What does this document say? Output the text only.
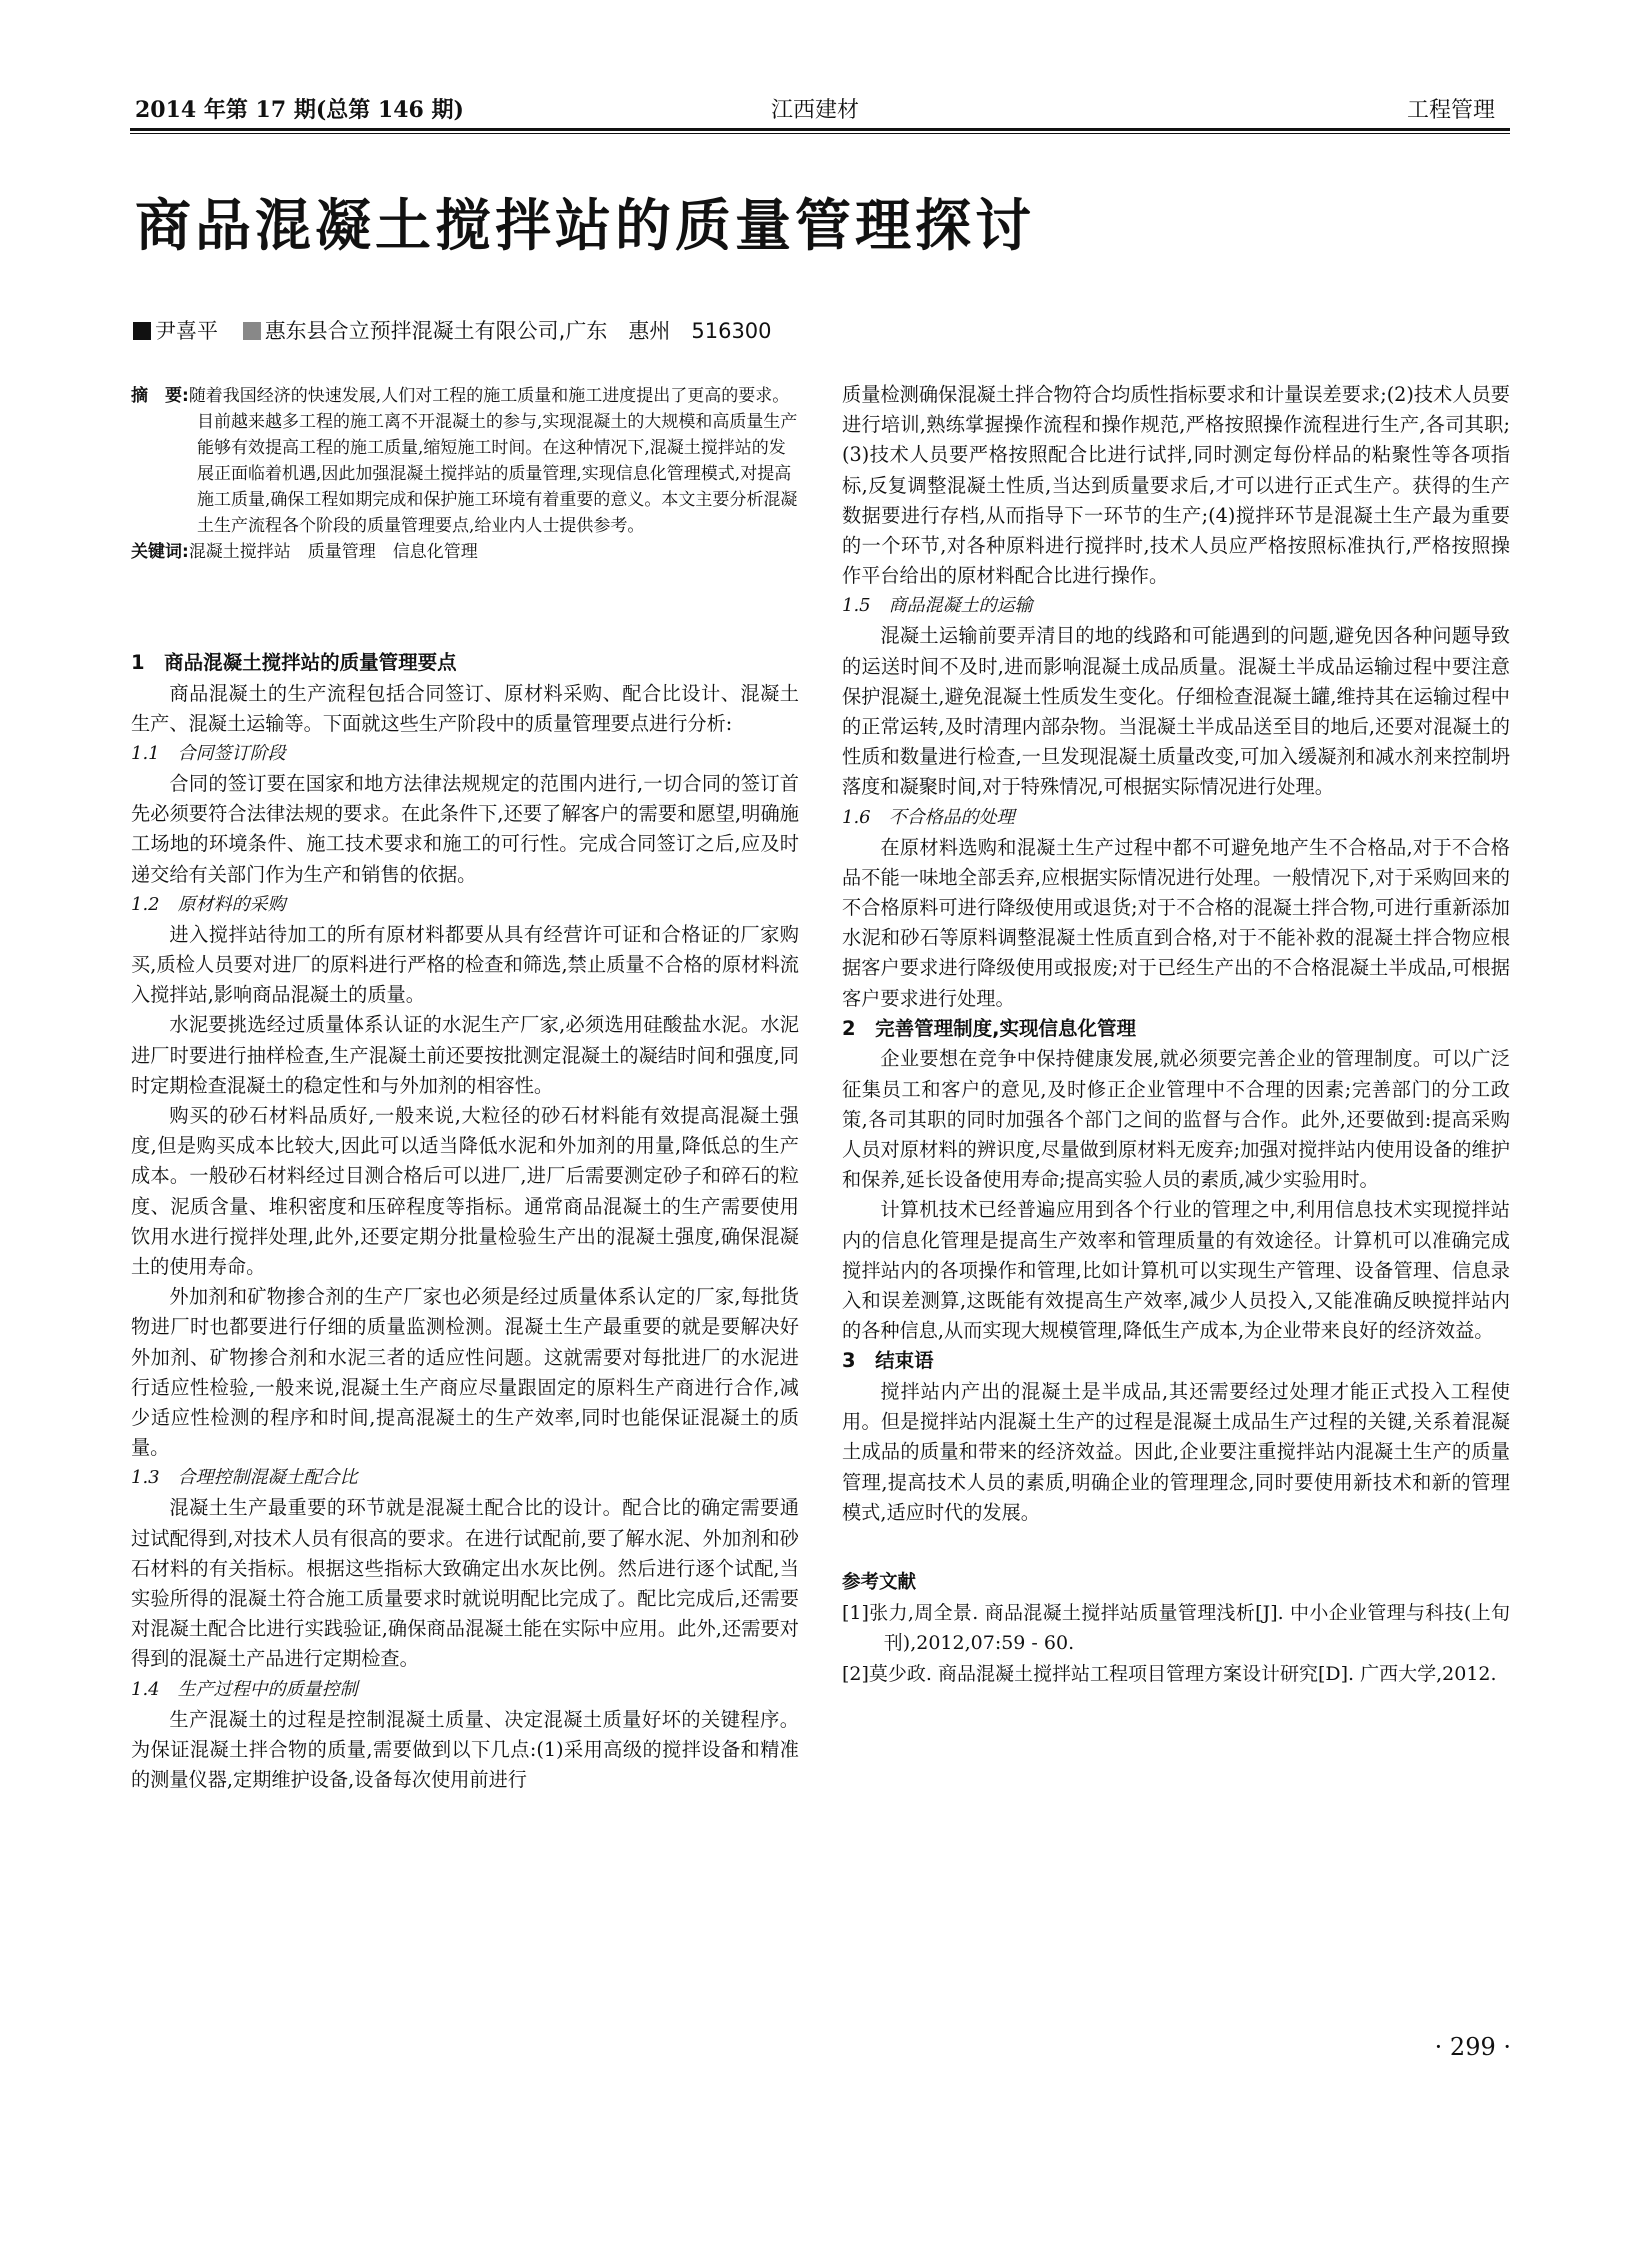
2014 年第 17 期(总第 146 期)	江西建材	工程管理
商品混凝土搅拌站的质量管理探讨
尹喜平 惠东县合立预拌混凝土有限公司,广东　惠州　516300

摘　要:随着我国经济的快速发展,人们对工程的施工质量和施工进度提出了更高的要求。目前越来越多工程的施工离不开混凝土的参与,实现混凝土的大规模和高质量生产能够有效提高工程的施工质量,缩短施工时间。在这种情况下,混凝土搅拌站的发展正面临着机遇,因此加强混凝土搅拌站的质量管理,实现信息化管理模式,对提高施工质量,确保工程如期完成和保护施工环境有着重要的意义。本文主要分析混凝土生产流程各个阶段的质量管理要点,给业内人士提供参考。

关键词:混凝土搅拌站　质量管理　信息化管理

1　商品混凝土搅拌站的质量管理要点

商品混凝土的生产流程包括合同签订、原材料采购、配合比设计、混凝土生产、混凝土运输等。下面就这些生产阶段中的质量管理要点进行分析:

1.1　合同签订阶段

合同的签订要在国家和地方法律法规规定的范围内进行,一切合同的签订首先必须要符合法律法规的要求。在此条件下,还要了解客户的需要和愿望,明确施工场地的环境条件、施工技术要求和施工的可行性。完成合同签订之后,应及时递交给有关部门作为生产和销售的依据。

1.2　原材料的采购

进入搅拌站待加工的所有原材料都要从具有经营许可证和合格证的厂家购买,质检人员要对进厂的原料进行严格的检查和筛选,禁止质量不合格的原材料流入搅拌站,影响商品混凝土的质量。

水泥要挑选经过质量体系认证的水泥生产厂家,必须选用硅酸盐水泥。水泥进厂时要进行抽样检查,生产混凝土前还要按批测定混凝土的凝结时间和强度,同时定期检查混凝土的稳定性和与外加剂的相容性。

购买的砂石材料品质好,一般来说,大粒径的砂石材料能有效提高混凝土强度,但是购买成本比较大,因此可以适当降低水泥和外加剂的用量,降低总的生产成本。一般砂石材料经过目测合格后可以进厂,进厂后需要测定砂子和碎石的粒度、泥质含量、堆积密度和压碎程度等指标。通常商品混凝土的生产需要使用饮用水进行搅拌处理,此外,还要定期分批量检验生产出的混凝土强度,确保混凝土的使用寿命。

外加剂和矿物掺合剂的生产厂家也必须是经过质量体系认定的厂家,每批货物进厂时也都要进行仔细的质量监测检测。混凝土生产最重要的就是要解决好外加剂、矿物掺合剂和水泥三者的适应性问题。这就需要对每批进厂的水泥进行适应性检验,一般来说,混凝土生产商应尽量跟固定的原料生产商进行合作,减少适应性检测的程序和时间,提高混凝土的生产效率,同时也能保证混凝土的质量。

1.3　合理控制混凝土配合比

混凝土生产最重要的环节就是混凝土配合比的设计。配合比的确定需要通过试配得到,对技术人员有很高的要求。在进行试配前,要了解水泥、外加剂和砂石材料的有关指标。根据这些指标大致确定出水灰比例。然后进行逐个试配,当实验所得的混凝土符合施工质量要求时就说明配比完成了。配比完成后,还需要对混凝土配合比进行实践验证,确保商品混凝土能在实际中应用。此外,还需要对得到的混凝土产品进行定期检查。

1.4　生产过程中的质量控制

生产混凝土的过程是控制混凝土质量、决定混凝土质量好坏的关键程序。为保证混凝土拌合物的质量,需要做到以下几点:(1)采用高级的搅拌设备和精准的测量仪器,定期维护设备,设备每次使用前进行

质量检测确保混凝土拌合物符合均质性指标要求和计量误差要求;(2)技术人员要进行培训,熟练掌握操作流程和操作规范,严格按照操作流程进行生产,各司其职;(3)技术人员要严格按照配合比进行试拌,同时测定每份样品的粘聚性等各项指标,反复调整混凝土性质,当达到质量要求后,才可以进行正式生产。获得的生产数据要进行存档,从而指导下一环节的生产;(4)搅拌环节是混凝土生产最为重要的一个环节,对各种原料进行搅拌时,技术人员应严格按照标准执行,严格按照操作平台给出的原材料配合比进行操作。

1.5　商品混凝土的运输

混凝土运输前要弄清目的地的线路和可能遇到的问题,避免因各种问题导致的运送时间不及时,进而影响混凝土成品质量。混凝土半成品运输过程中要注意保护混凝土,避免混凝土性质发生变化。仔细检查混凝土罐,维持其在运输过程中的正常运转,及时清理内部杂物。当混凝土半成品送至目的地后,还要对混凝土的性质和数量进行检查,一旦发现混凝土质量改变,可加入缓凝剂和减水剂来控制坍落度和凝聚时间,对于特殊情况,可根据实际情况进行处理。

1.6　不合格品的处理

在原材料选购和混凝土生产过程中都不可避免地产生不合格品,对于不合格品不能一味地全部丢弃,应根据实际情况进行处理。一般情况下,对于采购回来的不合格原料可进行降级使用或退货;对于不合格的混凝土拌合物,可进行重新添加水泥和砂石等原料调整混凝土性质直到合格,对于不能补救的混凝土拌合物应根据客户要求进行降级使用或报废;对于已经生产出的不合格混凝土半成品,可根据客户要求进行处理。

2　完善管理制度,实现信息化管理

企业要想在竞争中保持健康发展,就必须要完善企业的管理制度。可以广泛征集员工和客户的意见,及时修正企业管理中不合理的因素;完善部门的分工政策,各司其职的同时加强各个部门之间的监督与合作。此外,还要做到:提高采购人员对原材料的辨识度,尽量做到原材料无废弃;加强对搅拌站内使用设备的维护和保养,延长设备使用寿命;提高实验人员的素质,减少实验用时。

计算机技术已经普遍应用到各个行业的管理之中,利用信息技术实现搅拌站内的信息化管理是提高生产效率和管理质量的有效途径。计算机可以准确完成搅拌站内的各项操作和管理,比如计算机可以实现生产管理、设备管理、信息录入和误差测算,这既能有效提高生产效率,减少人员投入,又能准确反映搅拌站内的各种信息,从而实现大规模管理,降低生产成本,为企业带来良好的经济效益。

3　结束语

搅拌站内产出的混凝土是半成品,其还需要经过处理才能正式投入工程使用。但是搅拌站内混凝土生产的过程是混凝土成品生产过程的关键,关系着混凝土成品的质量和带来的经济效益。因此,企业要注重搅拌站内混凝土生产的质量管理,提高技术人员的素质,明确企业的管理理念,同时要使用新技术和新的管理模式,适应时代的发展。

参考文献

[1]张力,周全景. 商品混凝土搅拌站质量管理浅析[J]. 中小企业管理与科技(上旬刊),2012,07:59 - 60.

[2]莫少政. 商品混凝土搅拌站工程项目管理方案设计研究[D]. 广西大学,2012.

· 299 ·
